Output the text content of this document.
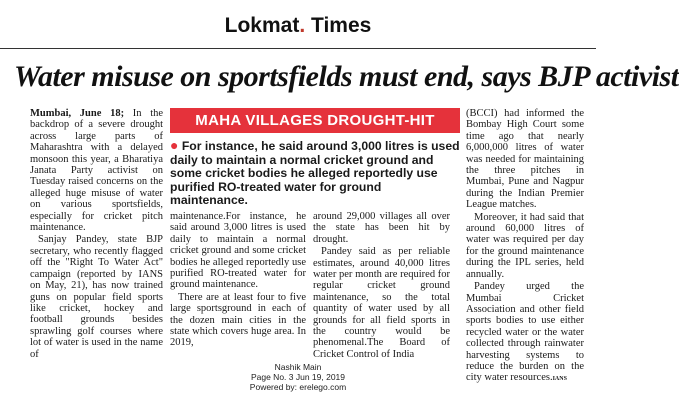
Lokmat. Times
Water misuse on sportsfields must end, says BJP activist

Mumbai, June 18; In the backdrop of a severe drought across large parts of Maharashtra with a delayed monsoon this year, a Bharatiya Janata Party activist on Tuesday raised concerns on the alleged huge misuse of water on various sportsfields, especially for cricket pitch maintenance.

Sanjay Pandey, state BJP secretary, who recently flagged off the "Right To Water Act" campaign (reported by IANS on May, 21), has now trained guns on popular field sports like cricket, hockey and football grounds besides sprawling golf courses where lot of water is used in the name of

MAHA VILLAGES DROUGHT-HIT
● For instance, he said around 3,000 litres is used daily to maintain a normal cricket ground and some cricket bodies he alleged reportedly use purified RO-treated water for ground maintenance.

maintenance.For instance, he said around 3,000 litres is used daily to maintain a normal cricket ground and some cricket bodies he alleged reportedly use purified RO-treated water for ground maintenance.

There are at least four to five large sportsground in each of the dozen main cities in the state which covers huge area. In 2019,

around 29,000 villages all over the state has been hit by drought.

Pandey said as per reliable estimates, around 40,000 litres water per month are required for regular cricket ground maintenance, so the total quantity of water used by all grounds for all field sports in the country would be phenomenal.The Board of Cricket Control of India

(BCCI) had informed the Bombay High Court some time ago that nearly 6,000,000 litres of water was needed for maintaining the three pitches in Mumbai, Pune and Nagpur during the Indian Premier League matches.

Moreover, it had said that around 60,000 litres of water was required per day for the ground maintenance during the IPL series, held annually.

Pandey urged the Mumbai Cricket Association and other field sports bodies to use either recycled water or the water collected through rainwater harvesting systems to reduce the burden on the city water resources.IANS

Nashik Main
Page No. 3 Jun 19, 2019
Powered by: erelego.com
